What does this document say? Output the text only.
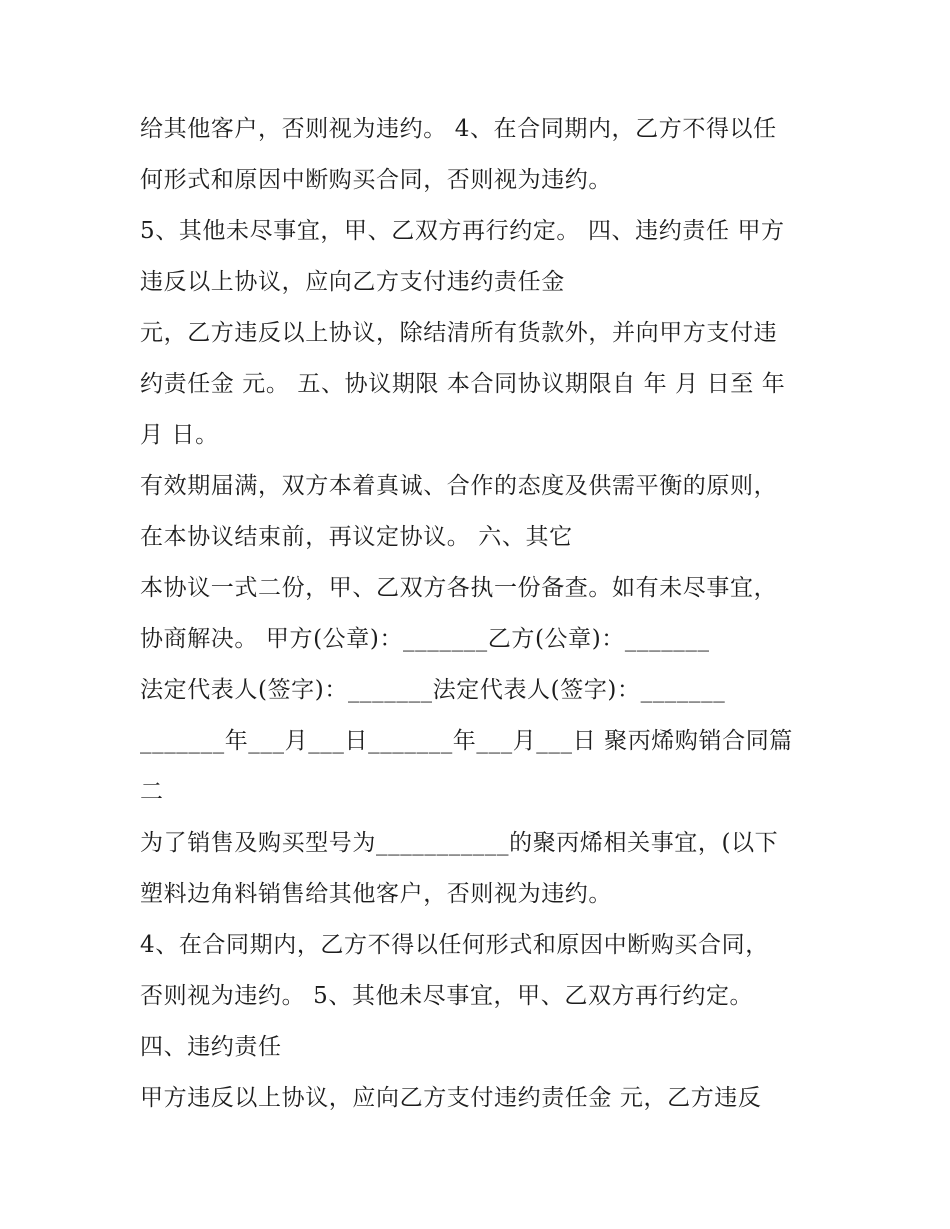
给其他客户，否则视为违约。 4、在合同期内，乙方不得以任
何形式和原因中断购买合同，否则视为违约。
5、其他未尽事宜，甲、乙双方再行约定。 四、违约责任 甲方
违反以上协议，应向乙方支付违约责任金
元，乙方违反以上协议，除结清所有货款外，并向甲方支付违
约责任金 元。 五、协议期限 本合同协议期限自 年 月 日至 年
月 日。
有效期届满，双方本着真诚、合作的态度及供需平衡的原则，
在本协议结束前，再议定协议。 六、其它
本协议一式二份，甲、乙双方各执一份备查。如有未尽事宜，
协商解决。 甲方(公章)：_______乙方(公章)：_______
法定代表人(签字)：_______法定代表人(签字)：_______
_______年___月___日_______年___月___日 聚丙烯购销合同篇
二
为了销售及购买型号为___________的聚丙烯相关事宜，(以下
塑料边角料销售给其他客户，否则视为违约。
4、在合同期内，乙方不得以任何形式和原因中断购买合同，
否则视为违约。 5、其他未尽事宜，甲、乙双方再行约定。
四、违约责任
甲方违反以上协议，应向乙方支付违约责任金 元，乙方违反
